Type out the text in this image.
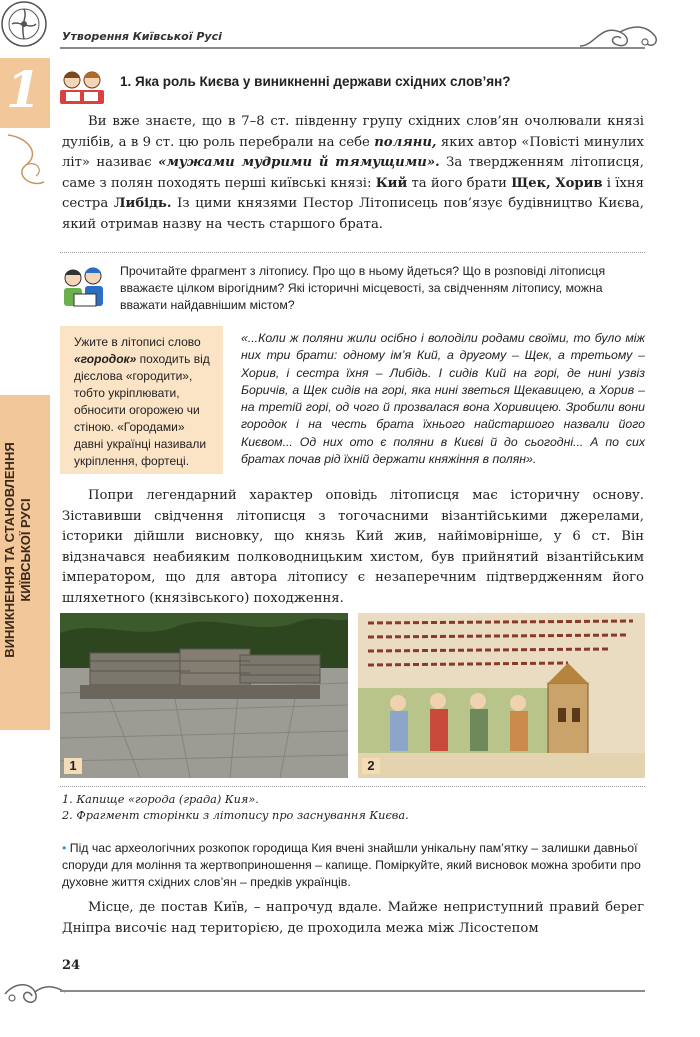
Утворення Київської Русі
1
ВИНИКНЕННЯ ТА СТАНОВЛЕННЯ КИЇВСЬКОЇ РУСІ
1. Яка роль Києва у виникненні держави східних слов’ян?
Ви вже знаєте, що в 7–8 ст. південну групу східних слов’ян очолювали князі дулібів, а в 9 ст. цю роль перебрали на себе поляни, яких автор «Повісті минулих літ» називає «мужами мудрими й тямущими». За твердженням літописця, саме з полян походять перші київські князі: Кий та його брати Щек, Хорив і їхня сестра Либідь. Із цими князями Пестор Літописець пов’язує будівництво Києва, який отримав назву на честь старшого брата.
Прочитайте фрагмент з літопису. Про що в ньому йдеться? Що в розповіді літописця вважаєте цілком вірогідним? Які історичні місцевості, за свідченням літопису, можна вважати найдавнішим містом?
Ужите в літописі слово «городок» походить від дієслова «городити», тобто укріплювати, обносити огорожею чи стіною. «Городами» давні українці називали укріплення, фортеці.
«...Коли ж поляни жили осібно і володіли родами своїми, то було між них три брати: одному ім’я Кий, а другому – Щек, а третьому – Хорив, і сестра їхня – Либідь. І сидів Кий на горі, де нині узвіз Боричів, а Щек сидів на горі, яка нині зветься Щекавицею, а Хорив – на третій горі, од чого й прозвалася вона Хоривицею. Зробили вони городок і на честь брата їхнього найстаршого назвали його Києвом... Од них ото є поляни в Києві й до сьогодні... А по сих братах почав рід їхній держати княжіння в полян».
Попри легендарний характер оповідь літописця має історичну основу. Зіставивши свідчення літописця з тогочасними візантійськими джерелами, історики дійшли висновку, що князь Кий жив, найімовірніше, у 6 ст. Він відзначався неабияким полководницьким хистом, був прийнятий візантійським імператором, що для автора літопису є незаперечним підтвердженням його шляхетного (князівського) походження.
1	2
1. Капище «города (града) Кия».
2. Фрагмент сторінки з літопису про заснування Києва.
• Під час археологічних розкопок городища Кия вчені знайшли унікальну пам’ятку – залишки давньої споруди для моління та жертвоприношення – капище. Поміркуйте, який висновок можна зробити про духовне життя східних слов’ян – предків українців.
Місце, де постав Київ, – напрочуд вдале. Майже неприступний правий берег Дніпра височіє над територією, де проходила межа між Лісостепом
24
